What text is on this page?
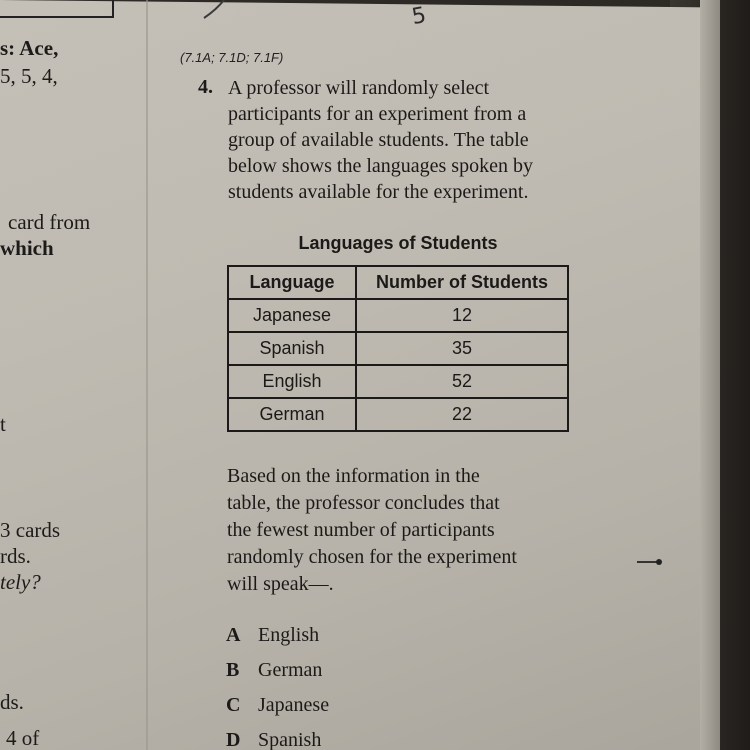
s: Ace,
5, 5, 4,
card from
which
t
3 cards
rds.
tely?
ds.
4 of
5
(7.1A; 7.1D; 7.1F)
4. A professor will randomly select
participants for an experiment from a
group of available students. The table
below shows the languages spoken by
students available for the experiment.
Languages of Students
Language	Number of Students
Japanese	12
Spanish	35
English	52
German	22
Based on the information in the
table, the professor concludes that
the fewest number of participants
randomly chosen for the experiment
will speak—.
A English
B German
C Japanese
D Spanish
